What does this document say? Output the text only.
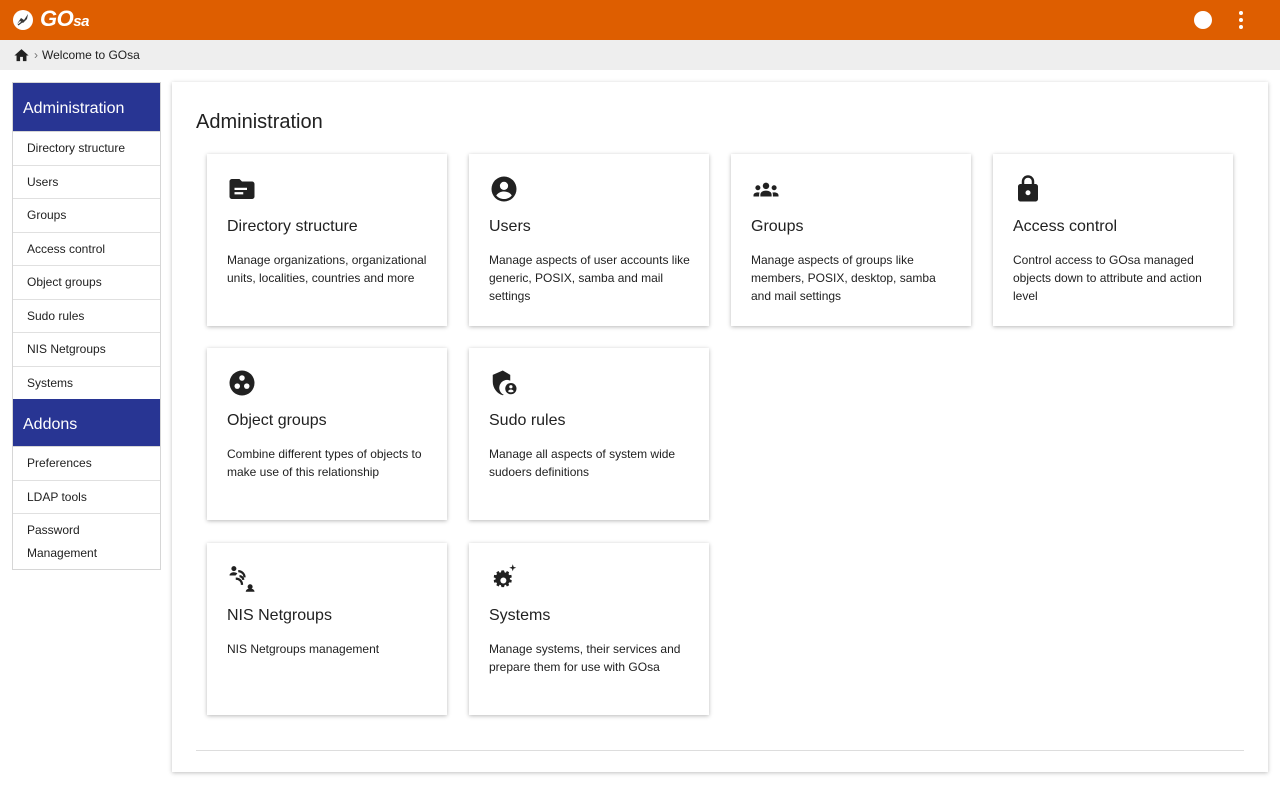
GOsa
› Welcome to GOsa
Administration
Directory structure
Users
Groups
Access control
Object groups
Sudo rules
NIS Netgroups
Systems
Addons
Preferences
LDAP tools
Password Management
Administration
Directory structure
Manage organizations, organizational units, localities, countries and more
Users
Manage aspects of user accounts like generic, POSIX, samba and mail settings
Groups
Manage aspects of groups like members, POSIX, desktop, samba and mail settings
Access control
Control access to GOsa managed objects down to attribute and action level
Object groups
Combine different types of objects to make use of this relationship
Sudo rules
Manage all aspects of system wide sudoers definitions
NIS Netgroups
NIS Netgroups management
Systems
Manage systems, their services and prepare them for use with GOsa
